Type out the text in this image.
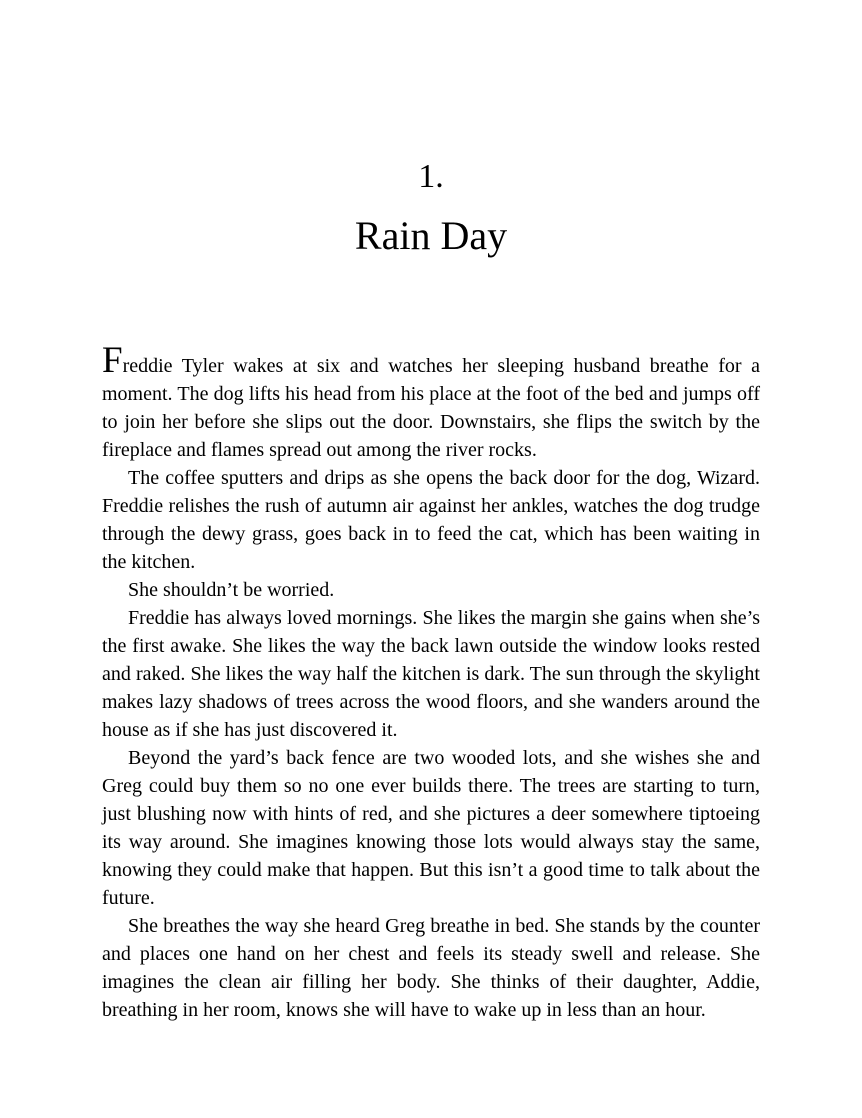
1.
Rain Day

Freddie Tyler wakes at six and watches her sleeping husband breathe for a moment. The dog lifts his head from his place at the foot of the bed and jumps off to join her before she slips out the door. Downstairs, she flips the switch by the fireplace and flames spread out among the river rocks.

The coffee sputters and drips as she opens the back door for the dog, Wizard. Freddie relishes the rush of autumn air against her ankles, watches the dog trudge through the dewy grass, goes back in to feed the cat, which has been waiting in the kitchen.

She shouldn’t be worried.

Freddie has always loved mornings. She likes the margin she gains when she’s the first awake. She likes the way the back lawn outside the window looks rested and raked. She likes the way half the kitchen is dark. The sun through the skylight makes lazy shadows of trees across the wood floors, and she wanders around the house as if she has just discovered it.

Beyond the yard’s back fence are two wooded lots, and she wishes she and Greg could buy them so no one ever builds there. The trees are starting to turn, just blushing now with hints of red, and she pictures a deer somewhere tiptoeing its way around. She imagines knowing those lots would always stay the same, knowing they could make that happen. But this isn’t a good time to talk about the future.

She breathes the way she heard Greg breathe in bed. She stands by the counter and places one hand on her chest and feels its steady swell and release. She imagines the clean air filling her body. She thinks of their daughter, Addie, breathing in her room, knows she will have to wake up in less than an hour.
